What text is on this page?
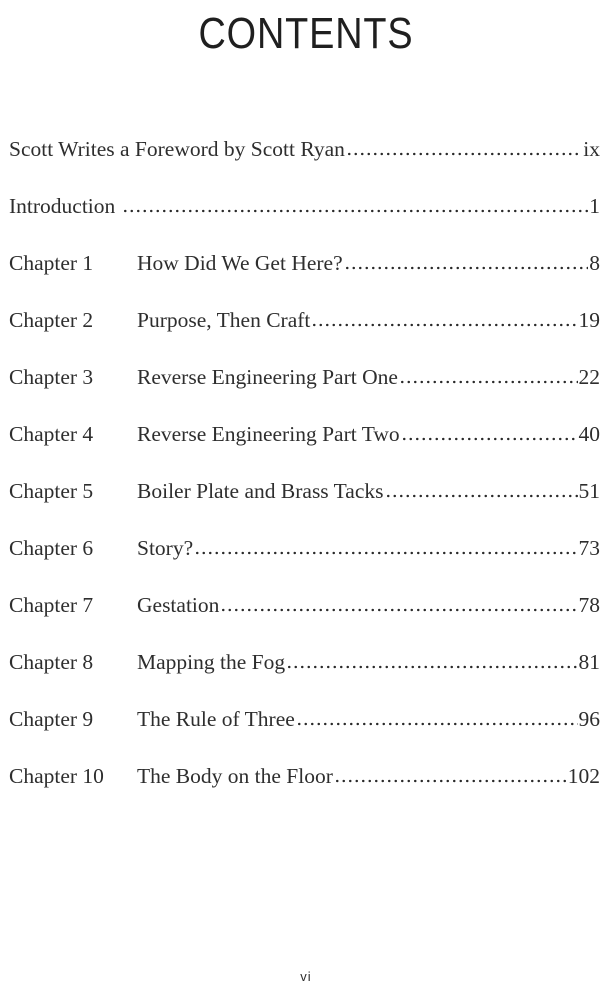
CONTENTS
Scott Writes a Foreword by Scott Ryan	ix
Introduction	1
Chapter 1	How Did We Get Here?	8
Chapter 2	Purpose, Then Craft	19
Chapter 3	Reverse Engineering Part One	22
Chapter 4	Reverse Engineering Part Two	40
Chapter 5	Boiler Plate and Brass Tacks	51
Chapter 6	Story?	73
Chapter 7	Gestation	78
Chapter 8	Mapping the Fog	81
Chapter 9	The Rule of Three	96
Chapter 10	The Body on the Floor	102
vi
